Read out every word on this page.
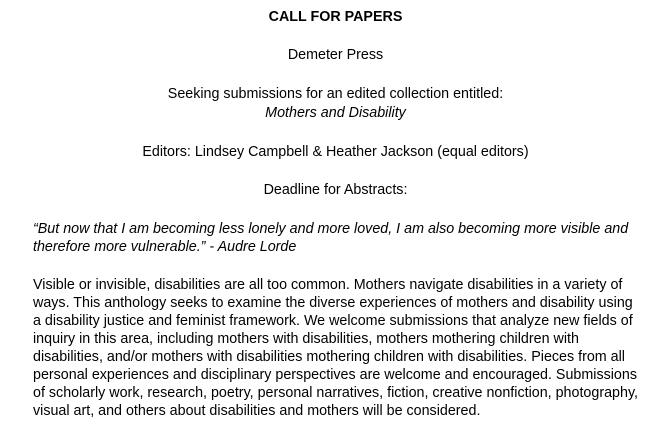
CALL FOR PAPERS
Demeter Press
Seeking submissions for an edited collection entitled:
Mothers and Disability
Editors: Lindsey Campbell & Heather Jackson (equal editors)
Deadline for Abstracts:
“But now that I am becoming less lonely and more loved, I am also becoming more visible and
therefore more vulnerable.” - Audre Lorde
Visible or invisible, disabilities are all too common. Mothers navigate disabilities in a variety of
ways. This anthology seeks to examine the diverse experiences of mothers and disability using
a disability justice and feminist framework. We welcome submissions that analyze new fields of
inquiry in this area, including mothers with disabilities, mothers mothering children with
disabilities, and/or mothers with disabilities mothering children with disabilities. Pieces from all
personal experiences and disciplinary perspectives are welcome and encouraged. Submissions
of scholarly work, research, poetry, personal narratives, fiction, creative nonfiction, photography,
visual art, and others about disabilities and mothers will be considered.
